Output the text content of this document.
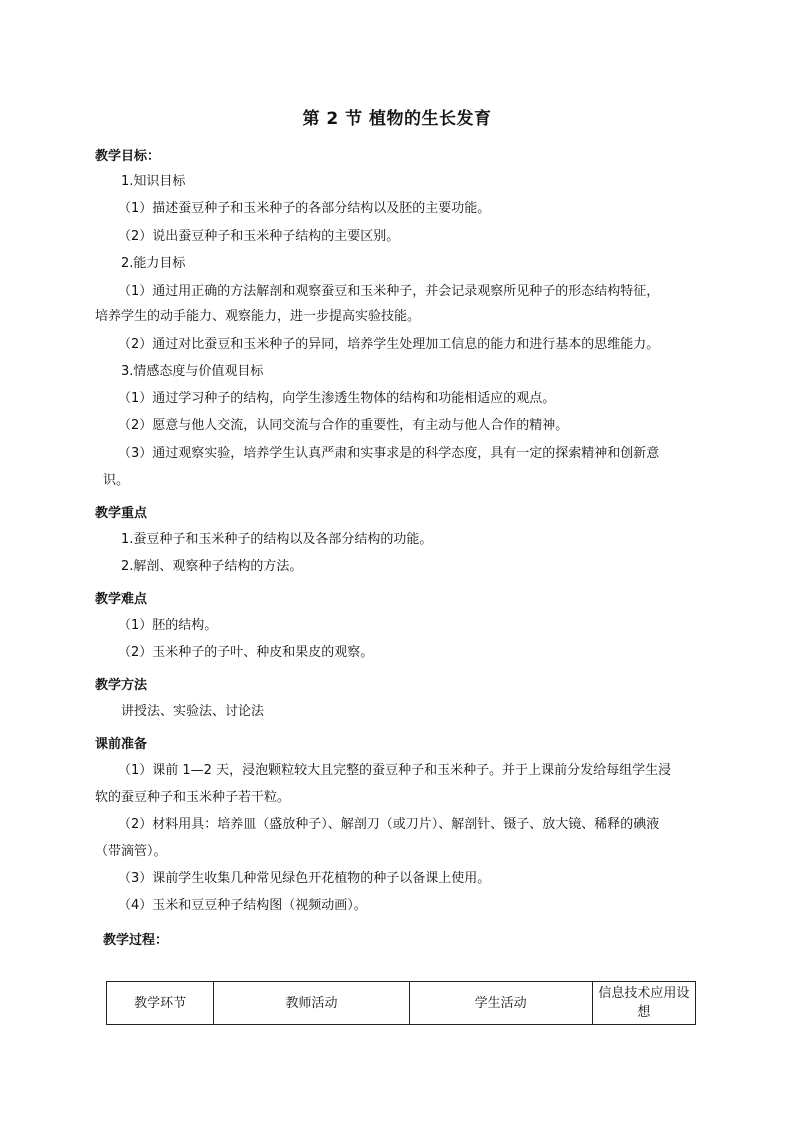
第 2 节 植物的生长发育
教学目标：
1.知识目标
（1）描述蚕豆种子和玉米种子的各部分结构以及胚的主要功能。
（2）说出蚕豆种子和玉米种子结构的主要区别。
2.能力目标
（1）通过用正确的方法解剖和观察蚕豆和玉米种子，并会记录观察所见种子的形态结构特征，
培养学生的动手能力、观察能力，进一步提高实验技能。
（2）通过对比蚕豆和玉米种子的异同，培养学生处理加工信息的能力和进行基本的思维能力。
3.情感态度与价值观目标
（1）通过学习种子的结构，向学生渗透生物体的结构和功能相适应的观点。
（2）愿意与他人交流，认同交流与合作的重要性，有主动与他人合作的精神。
（3）通过观察实验，培养学生认真严肃和实事求是的科学态度，具有一定的探索精神和创新意
识。
教学重点
1.蚕豆种子和玉米种子的结构以及各部分结构的功能。
2.解剖、观察种子结构的方法。
教学难点
（1）胚的结构。
（2）玉米种子的子叶、种皮和果皮的观察。
教学方法
讲授法、实验法、讨论法
课前准备
（1）课前 1—2 天，浸泡颗粒较大且完整的蚕豆种子和玉米种子。并于上课前分发给每组学生浸
软的蚕豆种子和玉米种子若干粒。
（2）材料用具：培养皿（盛放种子）、解剖刀（或刀片）、解剖针、镊子、放大镜、稀释的碘液
（带滴管）。
（3）课前学生收集几种常见绿色开花植物的种子以备课上使用。
（4）玉米和豆豆种子结构图（视频动画）。
教学过程：
教学环节	教师活动	学生活动	信息技术应用设想
